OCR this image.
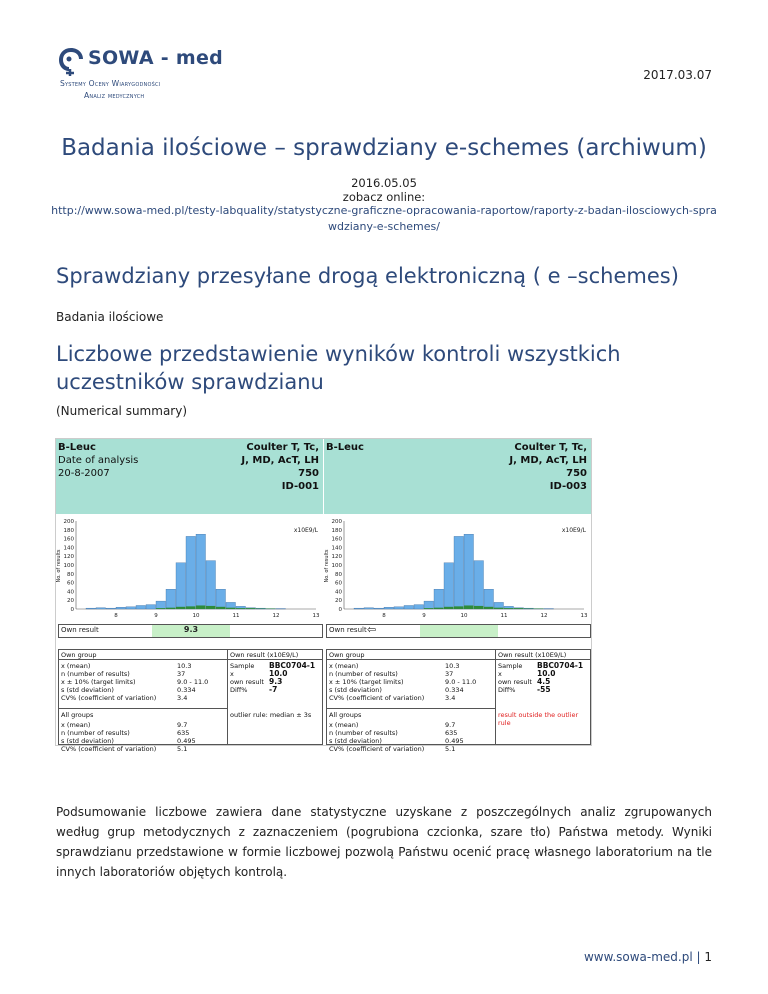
SOWA - med
Systemy Oceny Wiarygodności
Analiz medycznych
2017.03.07
Badania ilościowe – sprawdziany e-schemes (archiwum)
2016.05.05
zobacz online:
http://www.sowa-med.pl/testy-labquality/statystyczne-graficzne-opracowania-raportow/raporty-z-badan-ilosciowych-sprawdziany-e-schemes/
Sprawdziany przesyłane drogą elektroniczną ( e –schemes)
Badania ilościowe
Liczbowe przedstawienie wyników kontroli wszystkich uczestników sprawdzianu
(Numerical summary)
B-Leuc
Date of analysis
20-8-2007
Coulter T, Tc,
J, MD, AcT, LH
750
ID-001
No. of results
x10E9/L
0
20
40
60
80
100
120
140
160
180
200
8	9	10	11	12	13
Own result	9.3
Own group	Own result (x10E9/L)
x (mean)	10.3
n (number of results)	37
x ± 10% (target limits)	9.0 - 11.0
s (std deviation)	0.334
CV% (coefficient of variation)	3.4
Sample BBC0704-1
x	10.0
own result 9.3
Diff%	-7
All groups
x (mean)	9.7
n (number of results)	635
s (std deviation)	0.495
CV% (coefficient of variation)	5.1
outlier rule: median ± 3s
B-Leuc

	Coulter T, Tc,
J, MD, AcT, LH
750
ID-003
No. of results
x10E9/L
0
20
40
60
80
100
120
140
160
180
200
8	9	10	11	12	13
Own result ⇦
Own group	Own result (x10E9/L)
x (mean)	10.3
n (number of results)	37
x ± 10% (target limits)	9.0 - 11.0
s (std deviation)	0.334
CV% (coefficient of variation)	3.4
Sample BBC0704-1
x	10.0
own result 4.5
Diff%	-55
All groups
x (mean)	9.7
n (number of results)	635
s (std deviation)	0.495
CV% (coefficient of variation)	5.1
result outside the outlier rule
Podsumowanie liczbowe zawiera dane statystyczne uzyskane z poszczególnych analiz zgrupowanych według grup metodycznych z zaznaczeniem (pogrubiona czcionka, szare tło) Państwa metody. Wyniki sprawdzianu przedstawione w formie liczbowej pozwolą Państwu ocenić pracę własnego laboratorium na tle innych laboratoriów objętych kontrolą.
www.sowa-med.pl | 1
